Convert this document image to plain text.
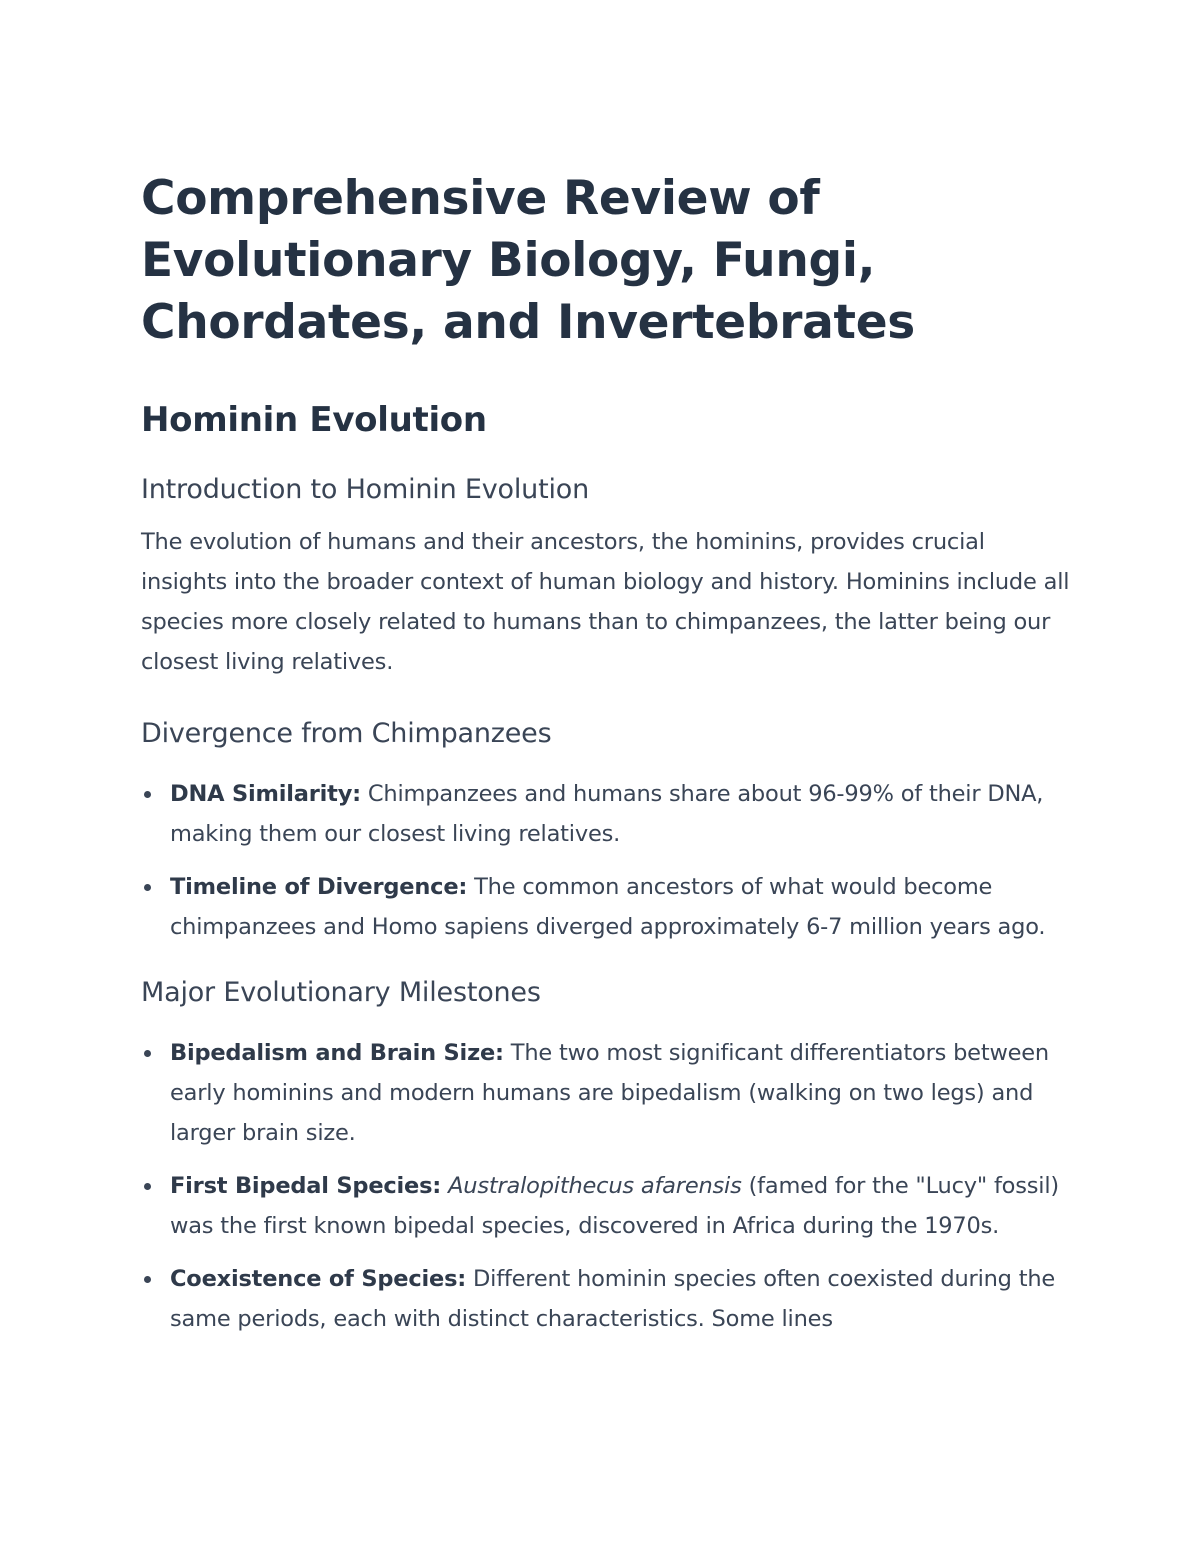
Comprehensive Review of Evolutionary Biology, Fungi, Chordates, and Invertebrates
Hominin Evolution
Introduction to Hominin Evolution

The evolution of humans and their ancestors, the hominins, provides crucial insights into the broader context of human biology and history. Hominins include all species more closely related to humans than to chimpanzees, the latter being our closest living relatives.

Divergence from Chimpanzees
DNA Similarity: Chimpanzees and humans share about 96-99% of their DNA, making them our closest living relatives.
Timeline of Divergence: The common ancestors of what would become chimpanzees and Homo sapiens diverged approximately 6-7 million years ago.
Major Evolutionary Milestones
Bipedalism and Brain Size: The two most significant differentiators between early hominins and modern humans are bipedalism (walking on two legs) and larger brain size.
First Bipedal Species: Australopithecus afarensis (famed for the "Lucy" fossil) was the first known bipedal species, discovered in Africa during the 1970s.
Coexistence of Species: Different hominin species often coexisted during the same periods, each with distinct characteristics. Some lines
